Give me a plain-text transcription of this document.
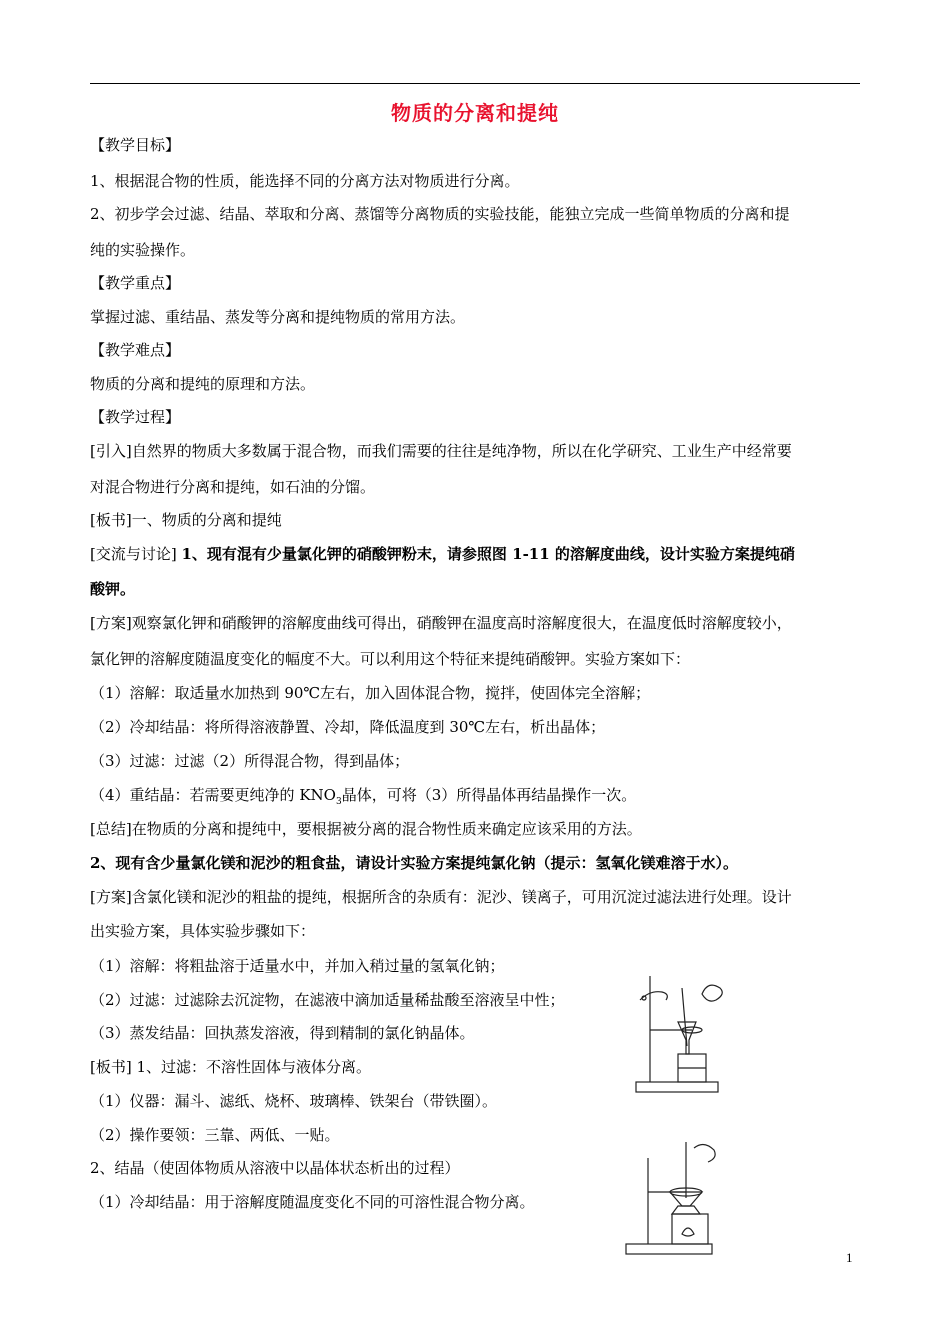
物质的分离和提纯
【教学目标】
1、根据混合物的性质，能选择不同的分离方法对物质进行分离。
2、初步学会过滤、结晶、萃取和分离、蒸馏等分离物质的实验技能，能独立完成一些简单物质的分离和提
纯的实验操作。
【教学重点】
掌握过滤、重结晶、蒸发等分离和提纯物质的常用方法。
【教学难点】
物质的分离和提纯的原理和方法。
【教学过程】
[引入]自然界的物质大多数属于混合物，而我们需要的往往是纯净物，所以在化学研究、工业生产中经常要
对混合物进行分离和提纯，如石油的分馏。
[板书]一、物质的分离和提纯
[交流与讨论] 1、现有混有少量氯化钾的硝酸钾粉末，请参照图 1-11 的溶解度曲线，设计实验方案提纯硝
酸钾。
[方案]观察氯化钾和硝酸钾的溶解度曲线可得出，硝酸钾在温度高时溶解度很大，在温度低时溶解度较小，
氯化钾的溶解度随温度变化的幅度不大。可以利用这个特征来提纯硝酸钾。实验方案如下：
（1）溶解：取适量水加热到 90℃左右，加入固体混合物，搅拌，使固体完全溶解；
（2）冷却结晶：将所得溶液静置、冷却，降低温度到 30℃左右，析出晶体；
（3）过滤：过滤（2）所得混合物，得到晶体；
（4）重结晶：若需要更纯净的 $KNO_3$晶体，可将（3）所得晶体再结晶操作一次。
[总结]在物质的分离和提纯中，要根据被分离的混合物性质来确定应该采用的方法。
2、现有含少量氯化镁和泥沙的粗食盐，请设计实验方案提纯氯化钠（提示：氢氧化镁难溶于水）。
[方案]含氯化镁和泥沙的粗盐的提纯，根据所含的杂质有：泥沙、镁离子，可用沉淀过滤法进行处理。设计
出实验方案，具体实验步骤如下：
（1）溶解：将粗盐溶于适量水中，并加入稍过量的氢氧化钠；
（2）过滤：过滤除去沉淀物，在滤液中滴加适量稀盐酸至溶液呈中性；
（3）蒸发结晶：回执蒸发溶液，得到精制的氯化钠晶体。
[板书] 1、过滤：不溶性固体与液体分离。
（1）仪器：漏斗、滤纸、烧杯、玻璃棒、铁架台（带铁圈）。
（2）操作要领：三靠、两低、一贴。
2、结晶（使固体物质从溶液中以晶体状态析出的过程）
（1）冷却结晶：用于溶解度随温度变化不同的可溶性混合物分离。
1
